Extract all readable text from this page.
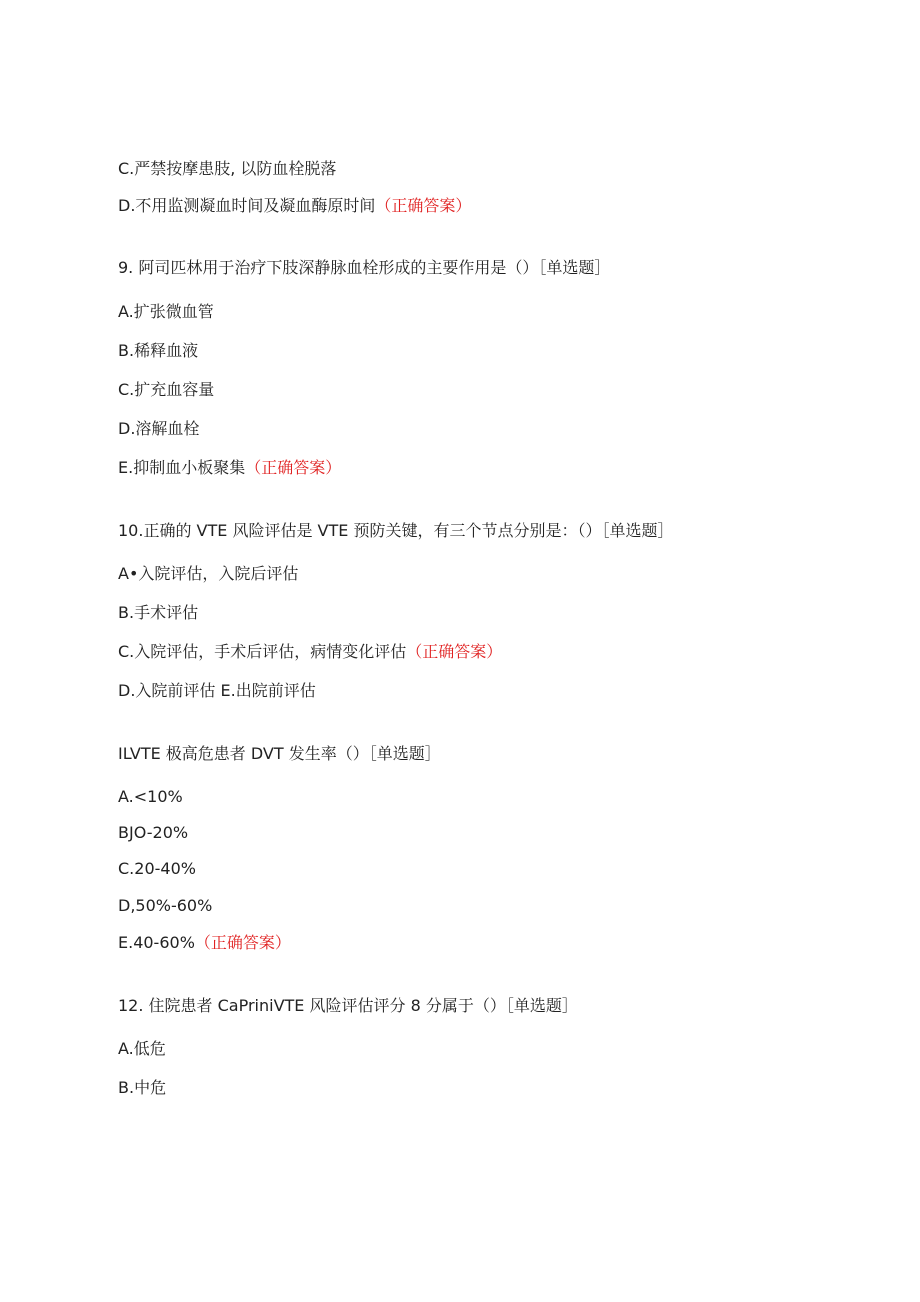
C.严禁按摩患肢, 以防血栓脱落
D.不用监测凝血时间及凝血酶原时间（正确答案）
9. 阿司匹林用于治疗下肢深静脉血栓形成的主要作用是（）［单选题］
A.扩张微血管
B.稀释血液
C.扩充血容量
D.溶解血栓
E.抑制血小板聚集（正确答案）
10.正确的 VTE 风险评估是 VTE 预防关键，有三个节点分别是：（）［单选题］
A•入院评估，入院后评估
B.手术评估
C.入院评估，手术后评估，病情变化评估（正确答案）
D.入院前评估 E.出院前评估
ILVTE 极高危患者 DVT 发生率（）［单选题］
A.<10%
BJO-20%
C.20-40%
D,50%-60%
E.40-60%（正确答案）
12. 住院患者 CaPriniVTE 风险评估评分 8 分属于（）［单选题］
A.低危
B.中危
